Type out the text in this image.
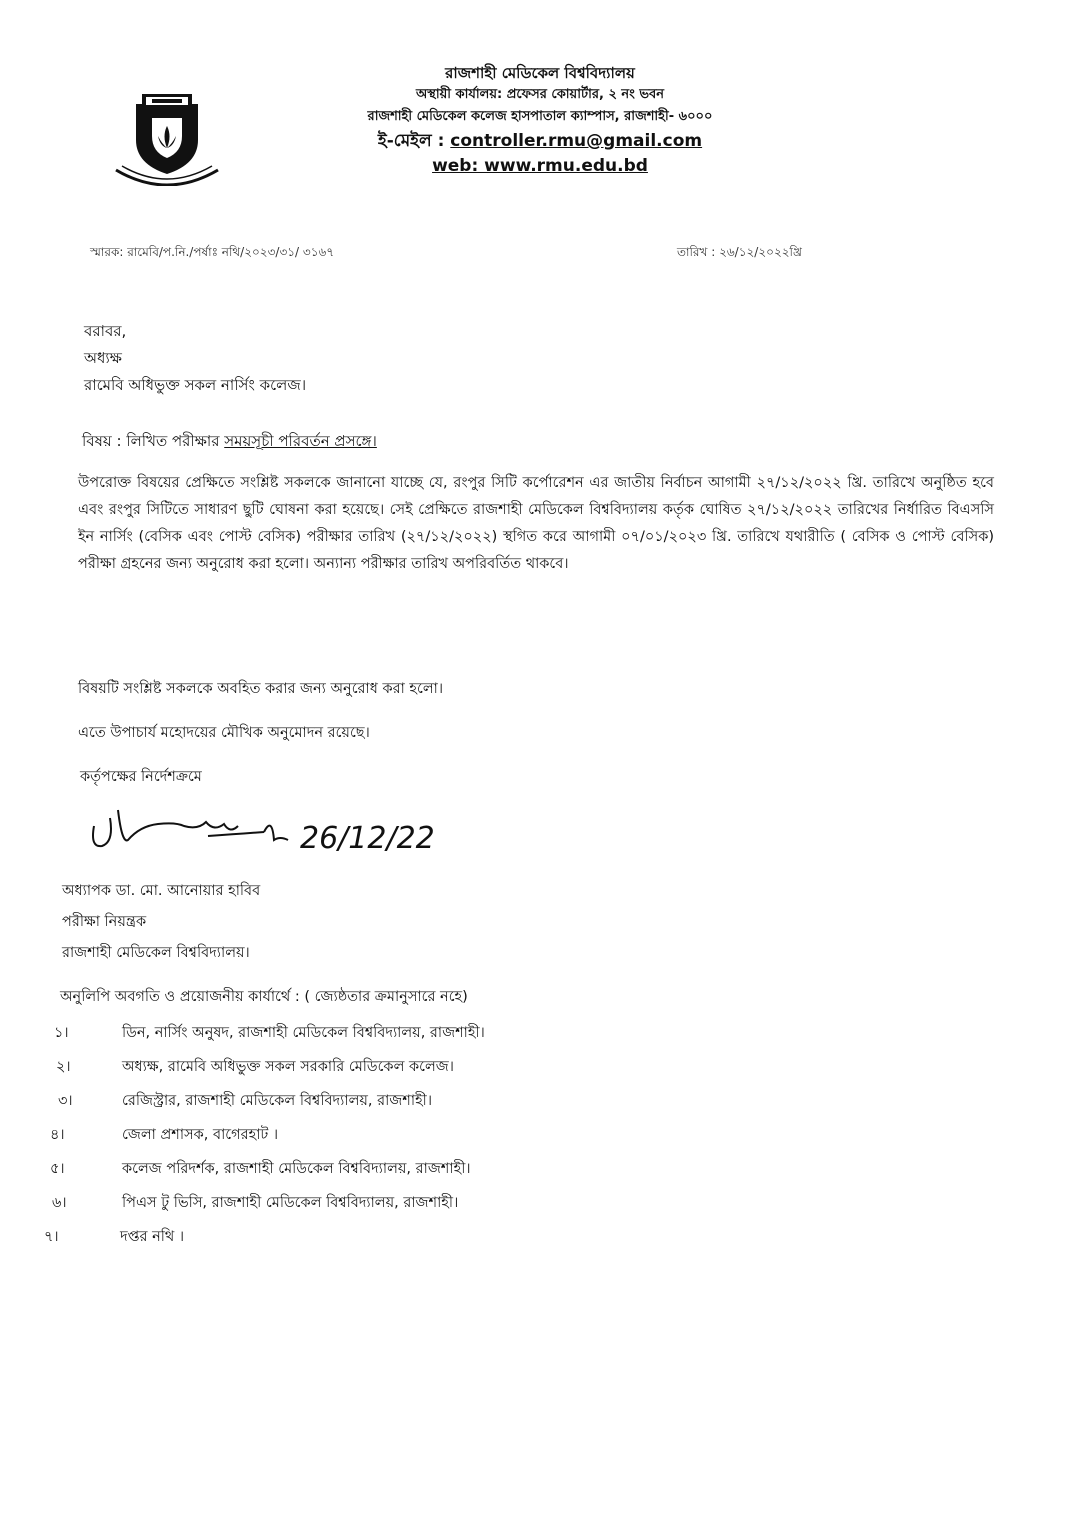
রাজশাহী মেডিকেল বিশ্ববিদ্যালয়
অস্থায়ী কার্যালয়: প্রফেসর কোয়ার্টার, ২ নং ভবন
রাজশাহী মেডিকেল কলেজ হাসপাতাল ক্যাম্পাস, রাজশাহী- ৬০০০
ই-মেইল : controller.rmu@gmail.com
web: www.rmu.edu.bd
স্মারক: রামেবি/প.নি./পর্ষাঃ নথি/২০২৩/৩১/ ৩১৬৭	তারিখ : ২৬/১২/২০২২খ্রি
বরাবর,
অধ্যক্ষ
রামেবি অধিভুক্ত সকল নার্সিং কলেজ।
বিষয় : লিখিত পরীক্ষার সময়সূচী পরিবর্তন প্রসঙ্গে।
উপরোক্ত বিষয়ের প্রেক্ষিতে সংশ্লিষ্ট সকলকে জানানো যাচ্ছে যে, রংপুর সিটি কর্পোরেশন এর জাতীয় নির্বাচন আগামী ২৭/১২/২০২২ খ্রি. তারিখে অনুষ্ঠিত হবে এবং রংপুর সিটিতে সাধারণ ছুটি ঘোষনা করা হয়েছে। সেই প্রেক্ষিতে রাজশাহী মেডিকেল বিশ্ববিদ্যালয় কর্তৃক ঘোষিত ২৭/১২/২০২২ তারিখের নির্ধারিত বিএসসি ইন নার্সিং (বেসিক এবং পোস্ট বেসিক) পরীক্ষার তারিখ (২৭/১২/২০২২) স্থগিত করে আগামী ০৭/০১/২০২৩ খ্রি. তারিখে যথারীতি ( বেসিক ও পোস্ট বেসিক) পরীক্ষা গ্রহনের জন্য অনুরোধ করা হলো। অন্যান্য পরীক্ষার তারিখ অপরিবর্তিত থাকবে।
বিষয়টি সংশ্লিষ্ট সকলকে অবহিত করার জন্য অনুরোধ করা হলো।
এতে উপাচার্য মহোদয়ের মৌখিক অনুমোদন রয়েছে।
কর্তৃপক্ষের নির্দেশক্রমে
26/12/22
অধ্যাপক ডা. মো. আনোয়ার হাবিব
পরীক্ষা নিয়ন্ত্রক
রাজশাহী মেডিকেল বিশ্ববিদ্যালয়।
অনুলিপি অবগতি ও প্রয়োজনীয় কার্যার্থে : ( জ্যেষ্ঠতার ক্রমানুসারে নহে)
১।	ডিন, নার্সিং অনুষদ, রাজশাহী মেডিকেল বিশ্ববিদ্যালয়, রাজশাহী।
২।	অধ্যক্ষ, রামেবি অধিভুক্ত সকল সরকারি মেডিকেল কলেজ।
৩।	রেজিস্ট্রার, রাজশাহী মেডিকেল বিশ্ববিদ্যালয়, রাজশাহী।
৪।	জেলা প্রশাসক, বাগেরহাট ।
৫।	কলেজ পরিদর্শক, রাজশাহী মেডিকেল বিশ্ববিদ্যালয়, রাজশাহী।
৬।	পিএস টু ভিসি, রাজশাহী মেডিকেল বিশ্ববিদ্যালয়, রাজশাহী।
৭।	দপ্তর নথি ।
